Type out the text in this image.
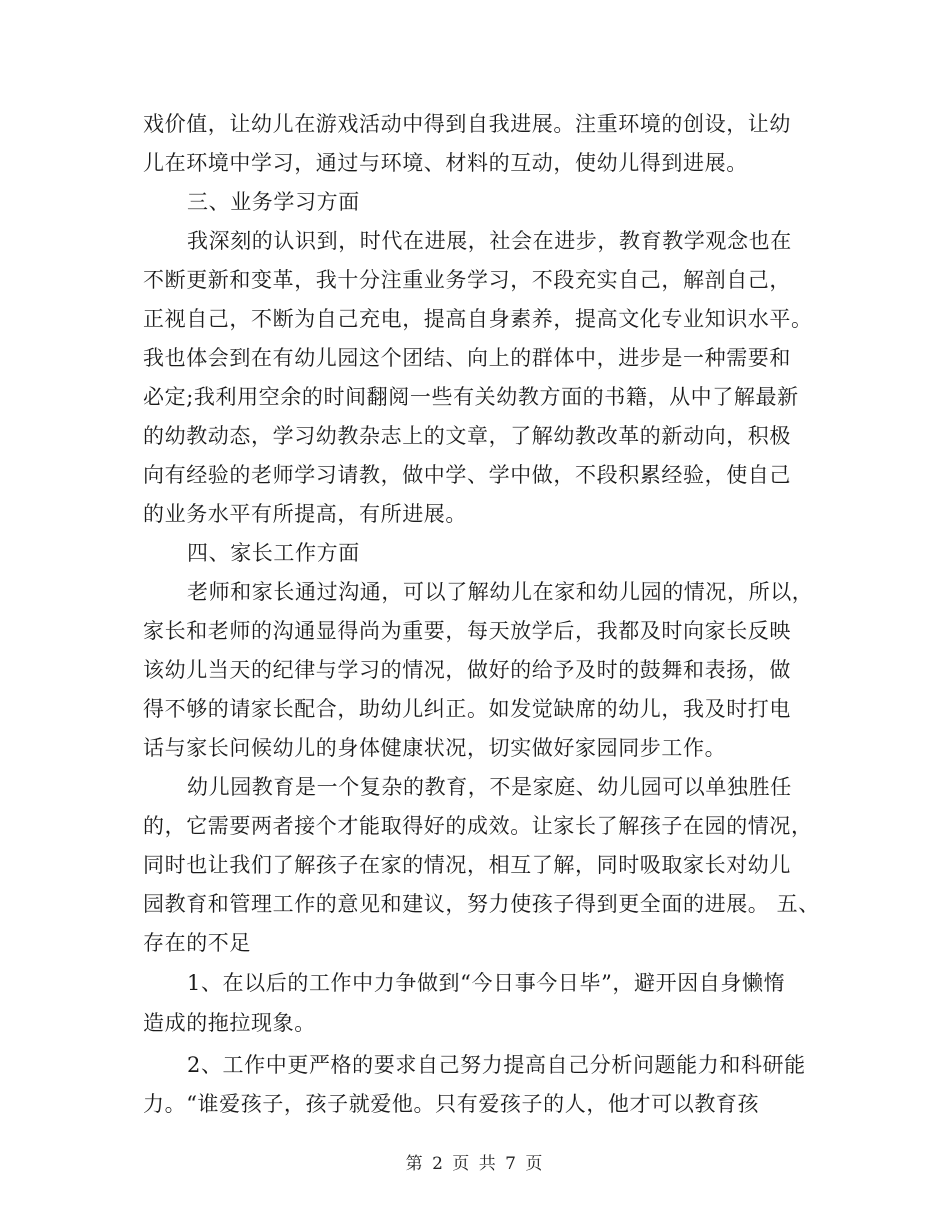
戏价值，让幼儿在游戏活动中得到自我进展。注重环境的创设，让幼
儿在环境中学习，通过与环境、材料的互动，使幼儿得到进展。
三、业务学习方面
我深刻的认识到，时代在进展，社会在进步，教育教学观念也在
不断更新和变革，我十分注重业务学习，不段充实自己，解剖自己，
正视自己，不断为自己充电，提高自身素养，提高文化专业知识水平。
我也体会到在有幼儿园这个团结、向上的群体中，进步是一种需要和
必定;我利用空余的时间翻阅一些有关幼教方面的书籍，从中了解最新
的幼教动态，学习幼教杂志上的文章，了解幼教改革的新动向，积极
向有经验的老师学习请教，做中学、学中做，不段积累经验，使自己
的业务水平有所提高，有所进展。
四、家长工作方面
老师和家长通过沟通，可以了解幼儿在家和幼儿园的情况，所以，
家长和老师的沟通显得尚为重要，每天放学后，我都及时向家长反映
该幼儿当天的纪律与学习的情况，做好的给予及时的鼓舞和表扬，做
得不够的请家长配合，助幼儿纠正。如发觉缺席的幼儿，我及时打电
话与家长问候幼儿的身体健康状况，切实做好家园同步工作。
幼儿园教育是一个复杂的教育，不是家庭、幼儿园可以单独胜任
的，它需要两者接个才能取得好的成效。让家长了解孩子在园的情况，
同时也让我们了解孩子在家的情况，相互了解，同时吸取家长对幼儿
园教育和管理工作的意见和建议，努力使孩子得到更全面的进展。 五、
存在的不足
1、在以后的工作中力争做到“今日事今日毕”，避开因自身懒惰
造成的拖拉现象。
2、工作中更严格的要求自己努力提高自己分析问题能力和科研能
力。“谁爱孩子，孩子就爱他。只有爱孩子的人，他才可以教育孩
第 2 页 共 7 页
